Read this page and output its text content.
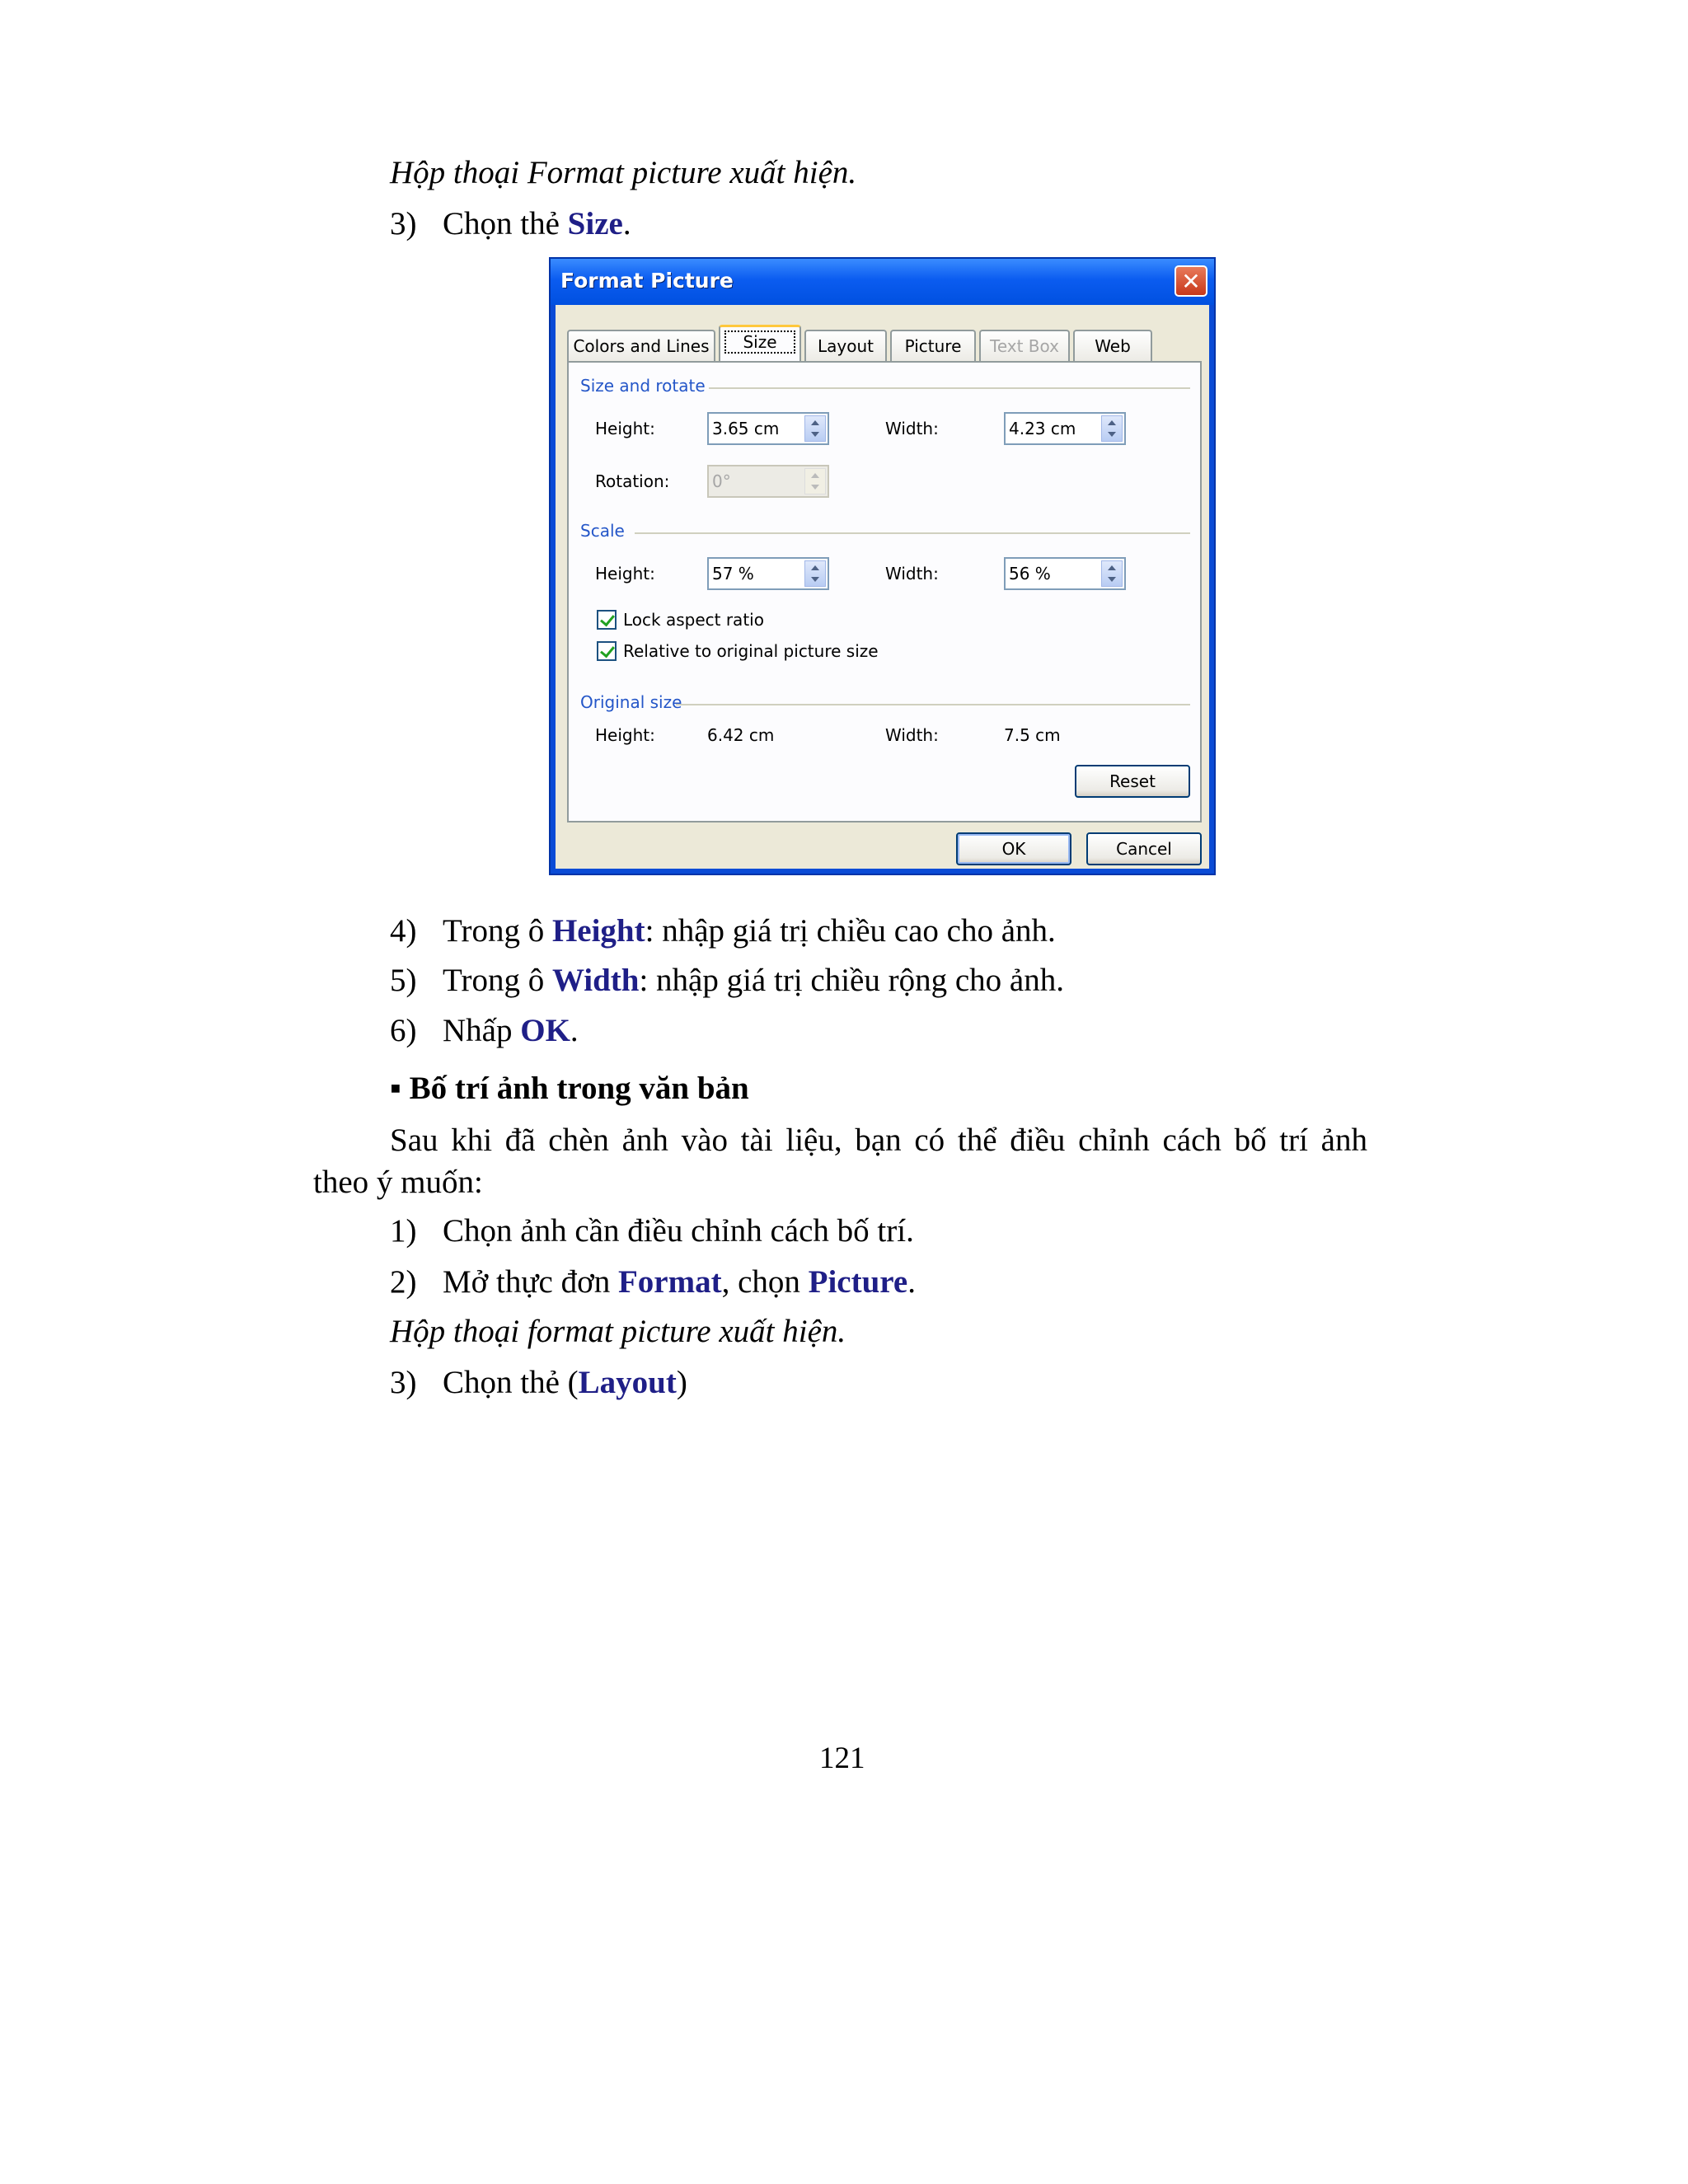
Hộp thoại Format picture xuất hiện.
3) Chọn thẻ Size.
Format Picture	✕
Colors and Lines	Size	Layout	Picture	Text Box	Web
Size and rotate
Height:	3.65 cm	Width:	4.23 cm
Rotation:	0°
Scale
Height:	57 %	Width:	56 %
Lock aspect ratio
Relative to original picture size
Original size
Height:	6.42 cm	Width:	7.5 cm
Reset
OK	Cancel
4) Trong ô Height: nhập giá trị chiều cao cho ảnh.
5) Trong ô Width: nhập giá trị chiều rộng cho ảnh.
6) Nhấp OK.
▪ Bố trí ảnh trong văn bản
Sau khi đã chèn ảnh vào tài liệu, bạn có thể điều chỉnh cách bố trí ảnh
theo ý muốn:
1) Chọn ảnh cần điều chỉnh cách bố trí.
2) Mở thực đơn Format, chọn Picture.
Hộp thoại format picture xuất hiện.
3) Chọn thẻ (Layout)
121
